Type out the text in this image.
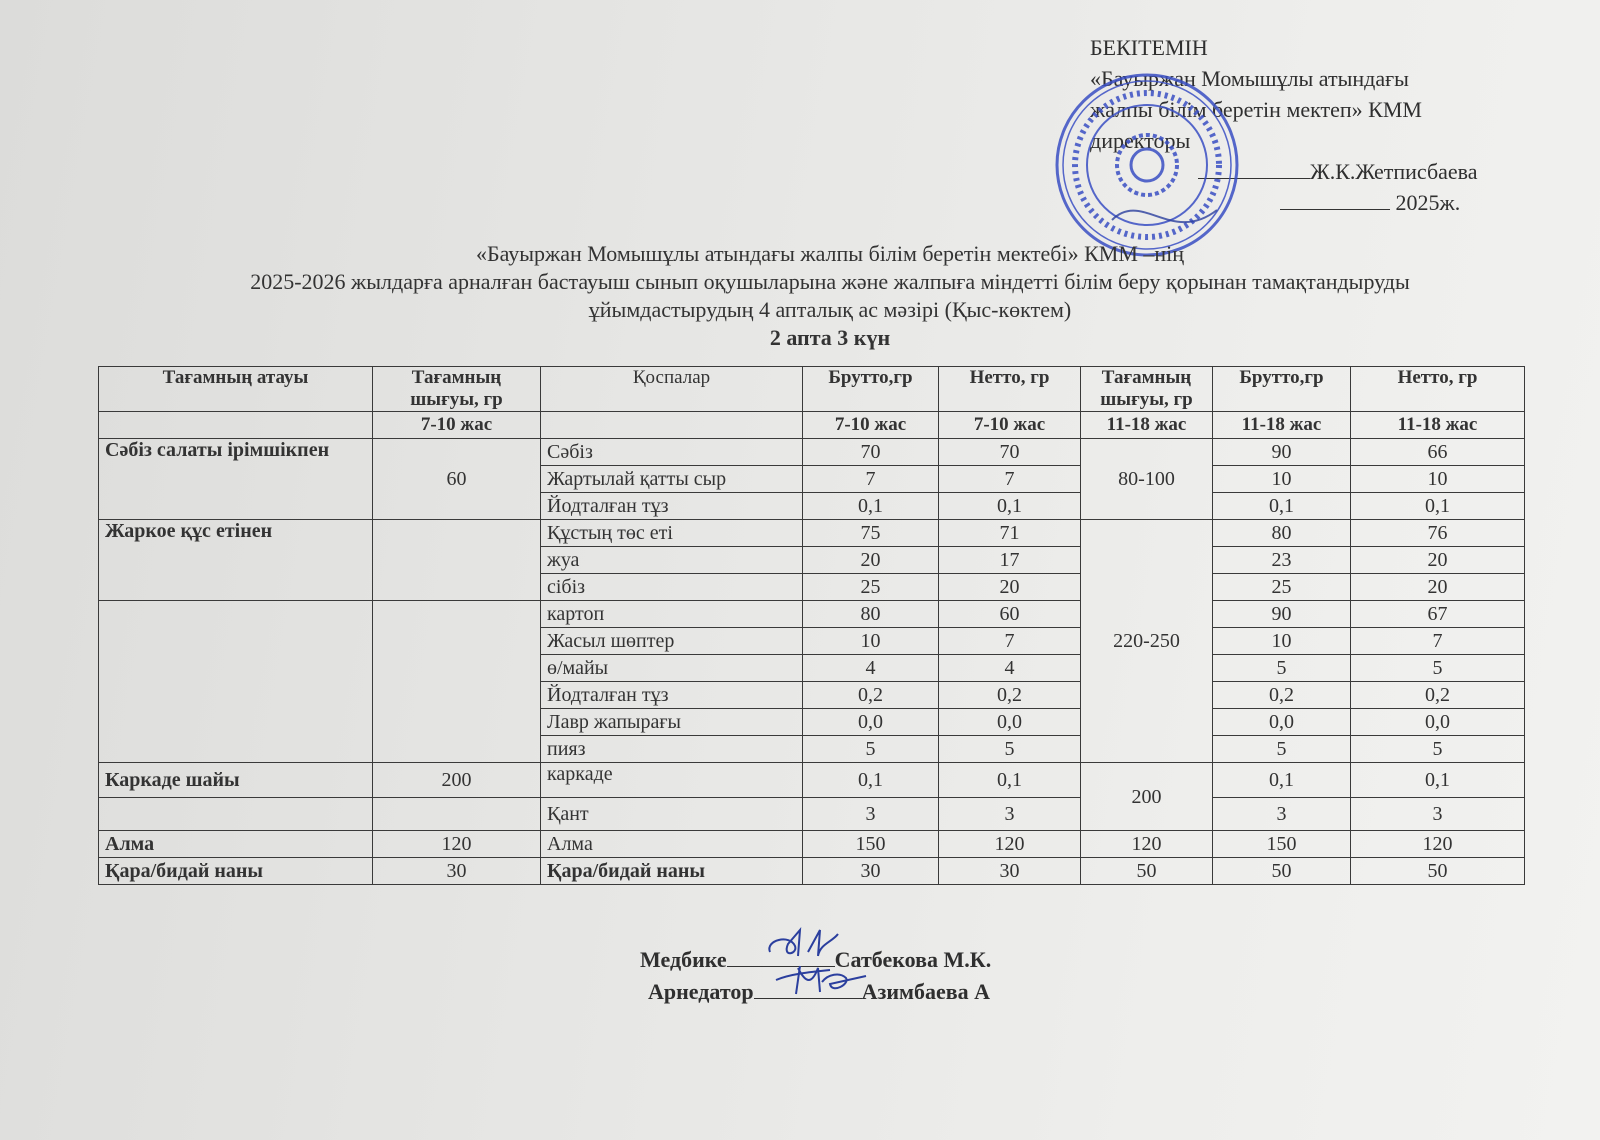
БЕКІТЕМІН
«Бауыржан Момышұлы атындағы
жалпы білім беретін мектеп» КММ
директоры
Ж.К.Жетписбаева
2025ж.
«Бауыржан Момышұлы атындағы жалпы білім беретін мектебі» КММ –нің
2025-2026 жылдарға арналған бастауыш сынып оқушыларына және жалпыға міндетті білім беру қорынан тамақтандыруды
ұйымдастырудың 4 апталық ас мәзірі (Қыс-көктем)
2 апта 3 күн
Тағамның атауы	Тағамның шығуы, гр	Қоспалар	Брутто,гр	Нетто, гр	Тағамның шығуы, гр	Брутто,гр	Нетто, гр
	7-10 жас		7-10 жас	7-10 жас	11-18 жас	11-18 жас	11-18 жас
Сәбіз салаты ірімшікпен	60	Сәбіз	70	70	80-100	90	66
		Жартылай қатты сыр	7	7		10	10
		Йодталған тұз	0,1	0,1		0,1	0,1
Жаркое құс етінен		Құстың төс еті	75	71	220-250	80	76
		жуа	20	17		23	20
		сібіз	25	20		25	20
		картоп	80	60		90	67
		Жасыл шөптер	10	7		10	7
		ө/майы	4	4		5	5
		Йодталған тұз	0,2	0,2		0,2	0,2
		Лавр жапырағы	0,0	0,0		0,0	0,0
		пияз	5	5		5	5
Каркаде шайы	200	каркаде	0,1	0,1	200	0,1	0,1
		Қант	3	3		3	3
Алма	120	Алма	150	120	120	150	120
Қара/бидай наны	30	Қара/бидай наны	30	30	50	50	50
Медбике	Сатбекова М.К.
Арнедатор	Азимбаева А
